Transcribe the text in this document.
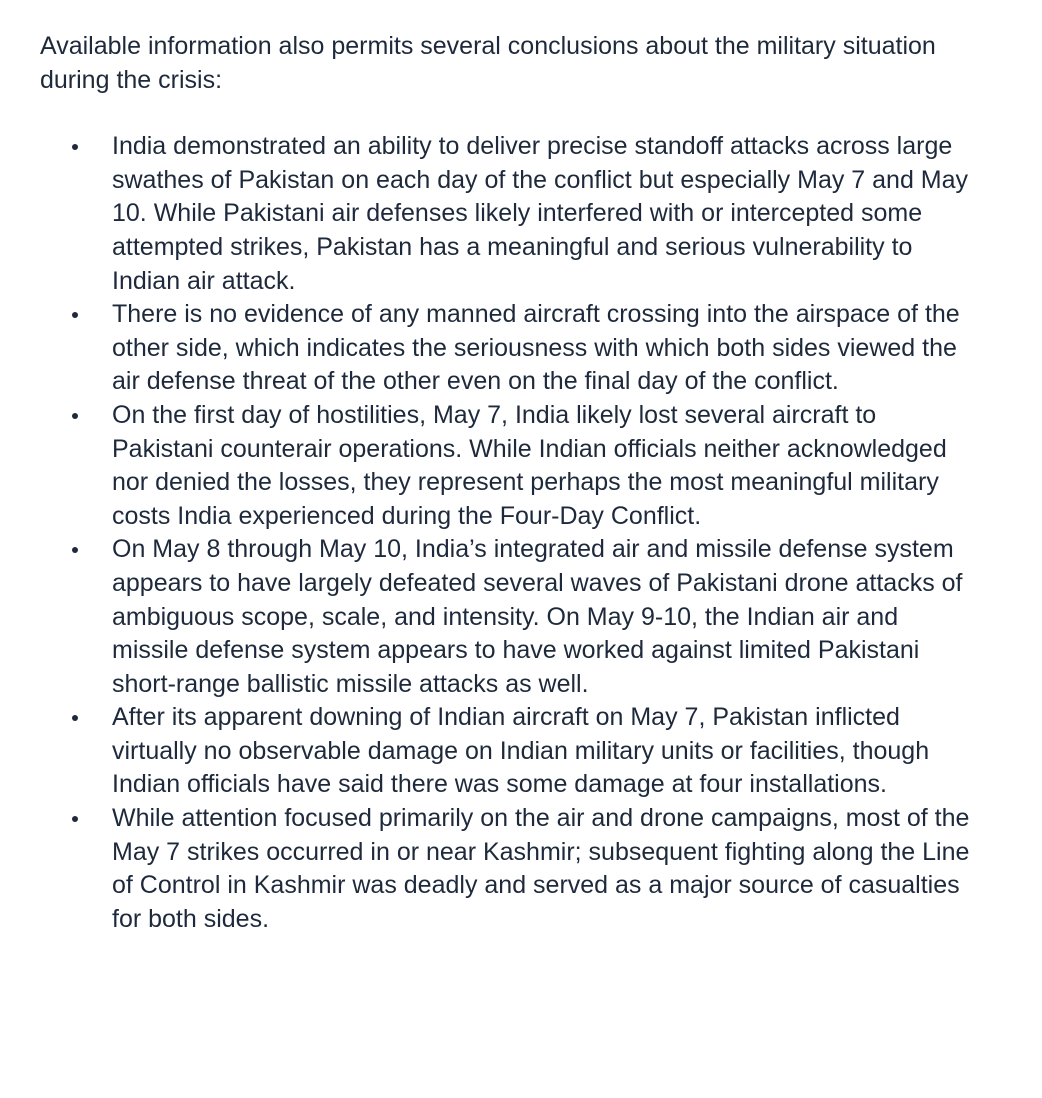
Available information also permits several conclusions about the military situation during the crisis:

India demonstrated an ability to deliver precise standoff attacks across large swathes of Pakistan on each day of the conflict but especially May 7 and May 10. While Pakistani air defenses likely interfered with or intercepted some attempted strikes, Pakistan has a meaningful and serious vulnerability to Indian air attack.
There is no evidence of any manned aircraft crossing into the airspace of the other side, which indicates the seriousness with which both sides viewed the air defense threat of the other even on the final day of the conflict.
On the first day of hostilities, May 7, India likely lost several aircraft to Pakistani counterair operations. While Indian officials neither acknowledged nor denied the losses, they represent perhaps the most meaningful military costs India experienced during the Four-Day Conflict.
On May 8 through May 10, India’s integrated air and missile defense system appears to have largely defeated several waves of Pakistani drone attacks of ambiguous scope, scale, and intensity. On May 9-10, the Indian air and missile defense system appears to have worked against limited Pakistani short-range ballistic missile attacks as well.
After its apparent downing of Indian aircraft on May 7, Pakistan inflicted virtually no observable damage on Indian military units or facilities, though Indian officials have said there was some damage at four installations.
While attention focused primarily on the air and drone campaigns, most of the May 7 strikes occurred in or near Kashmir; subsequent fighting along the Line of Control in Kashmir was deadly and served as a major source of casualties for both sides.
